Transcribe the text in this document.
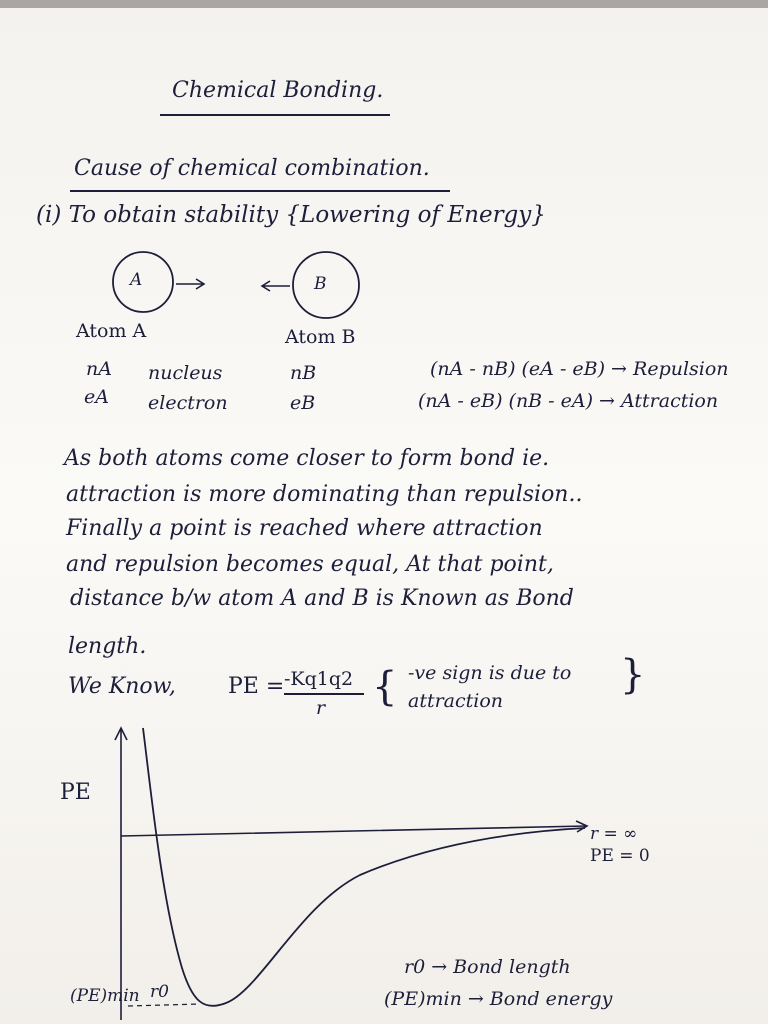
Chemical Bonding.
Cause of chemical combination.
(i) To obtain stability {Lowering of Energy}
A	B
Atom A	Atom B
nA nucleus	nB
eA electron	eB
(nA - nB) (eA - eB) → Repulsion
(nA - eB) (nB - eA) → Attraction
As both atoms come closer to form bond ie.
attraction is more dominating than repulsion..
Finally a point is reached where attraction
and repulsion becomes equal, At that point,
distance b/w atom A and B is Known as Bond
length.
We Know, PE = -Kq1q2
r { -ve sign is due to
attraction
}
PE
r = ∞
PE = 0
r0
(PE)min
r0 → Bond length
(PE)min → Bond energy
